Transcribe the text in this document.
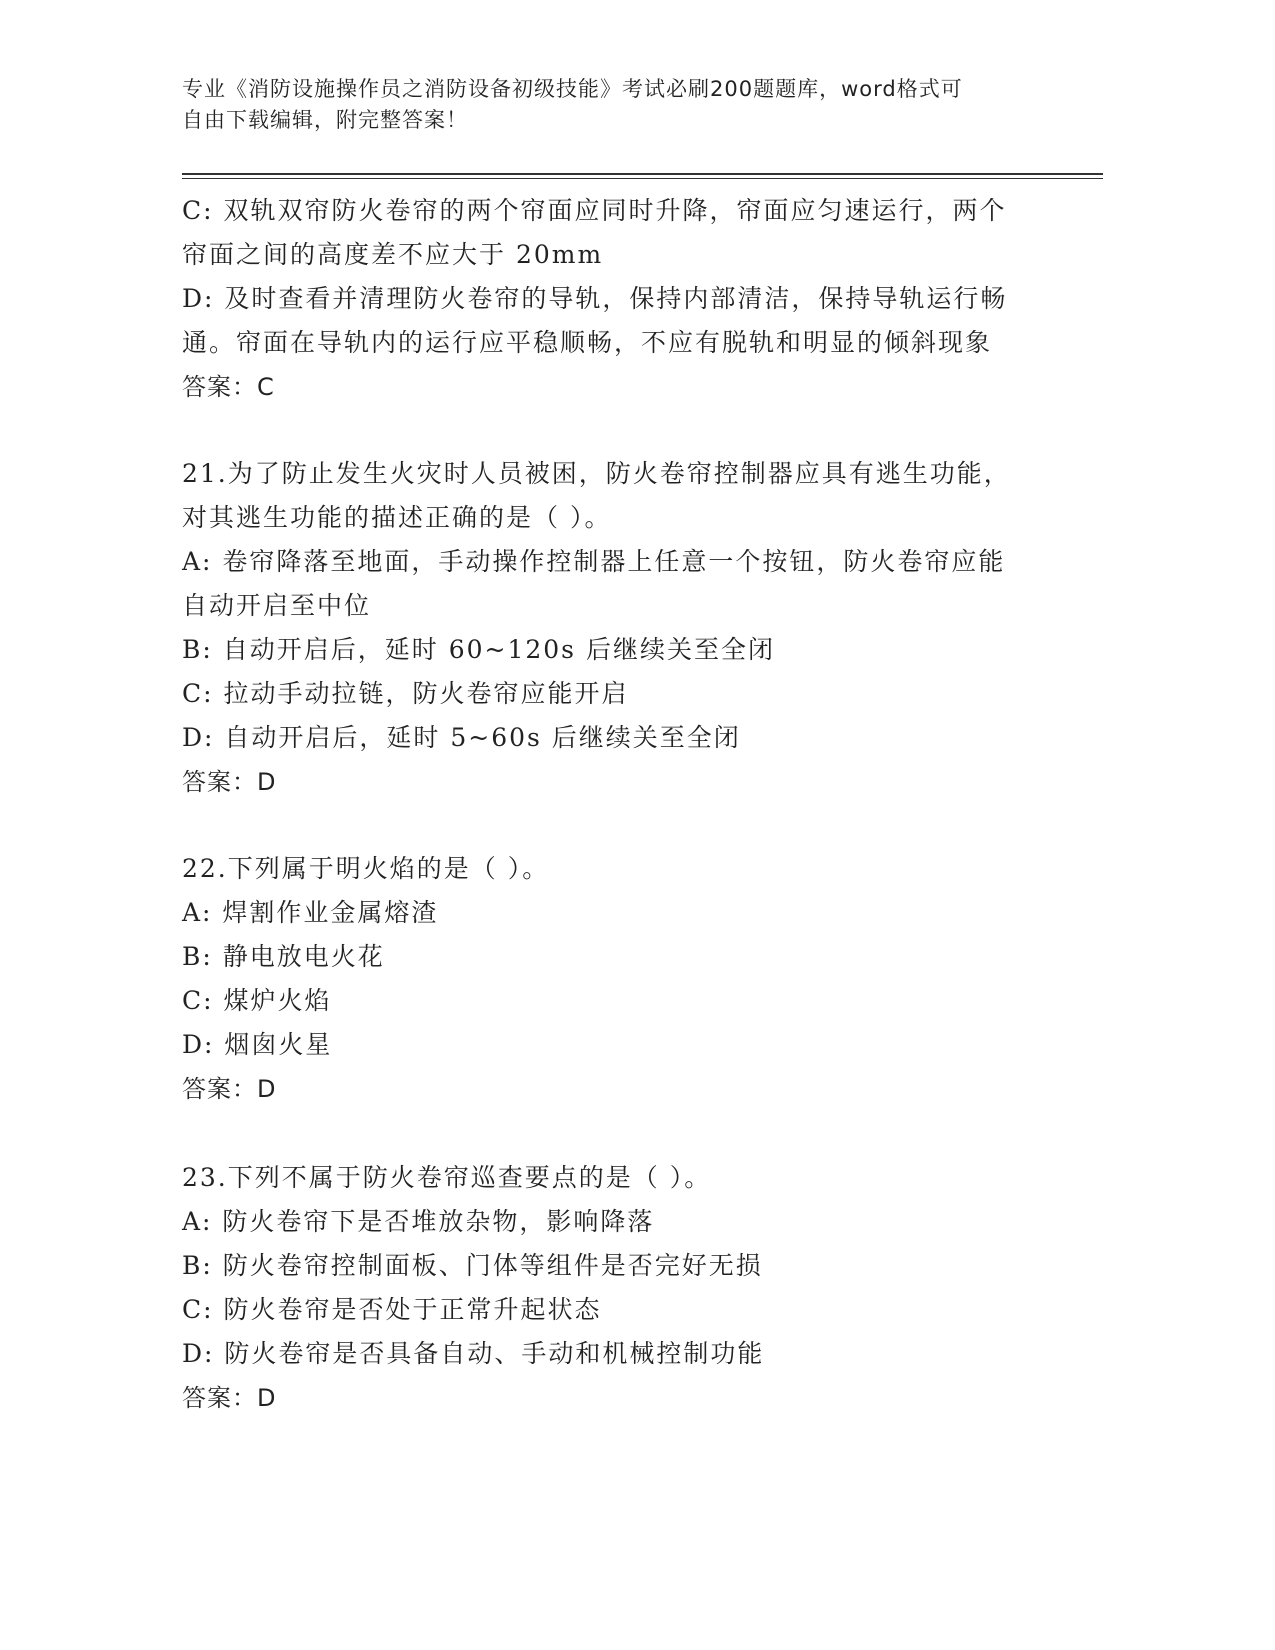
专业《消防设施操作员之消防设备初级技能》考试必刷200题题库，word格式可
自由下载编辑，附完整答案！
C: 双轨双帘防火卷帘的两个帘面应同时升降，帘面应匀速运行，两个
帘面之间的高度差不应大于 20mm
D: 及时查看并清理防火卷帘的导轨，保持内部清洁，保持导轨运行畅
通。帘面在导轨内的运行应平稳顺畅，不应有脱轨和明显的倾斜现象
答案：C
21.为了防止发生火灾时人员被困，防火卷帘控制器应具有逃生功能，
对其逃生功能的描述正确的是（ ）。
A: 卷帘降落至地面，手动操作控制器上任意一个按钮，防火卷帘应能
自动开启至中位
B: 自动开启后，延时 60~120s 后继续关至全闭
C: 拉动手动拉链，防火卷帘应能开启
D: 自动开启后，延时 5~60s 后继续关至全闭
答案：D
22.下列属于明火焰的是（ ）。
A: 焊割作业金属熔渣
B: 静电放电火花
C: 煤炉火焰
D: 烟囱火星
答案：D
23.下列不属于防火卷帘巡查要点的是（ ）。
A: 防火卷帘下是否堆放杂物，影响降落
B: 防火卷帘控制面板、门体等组件是否完好无损
C: 防火卷帘是否处于正常升起状态
D: 防火卷帘是否具备自动、手动和机械控制功能
答案：D
